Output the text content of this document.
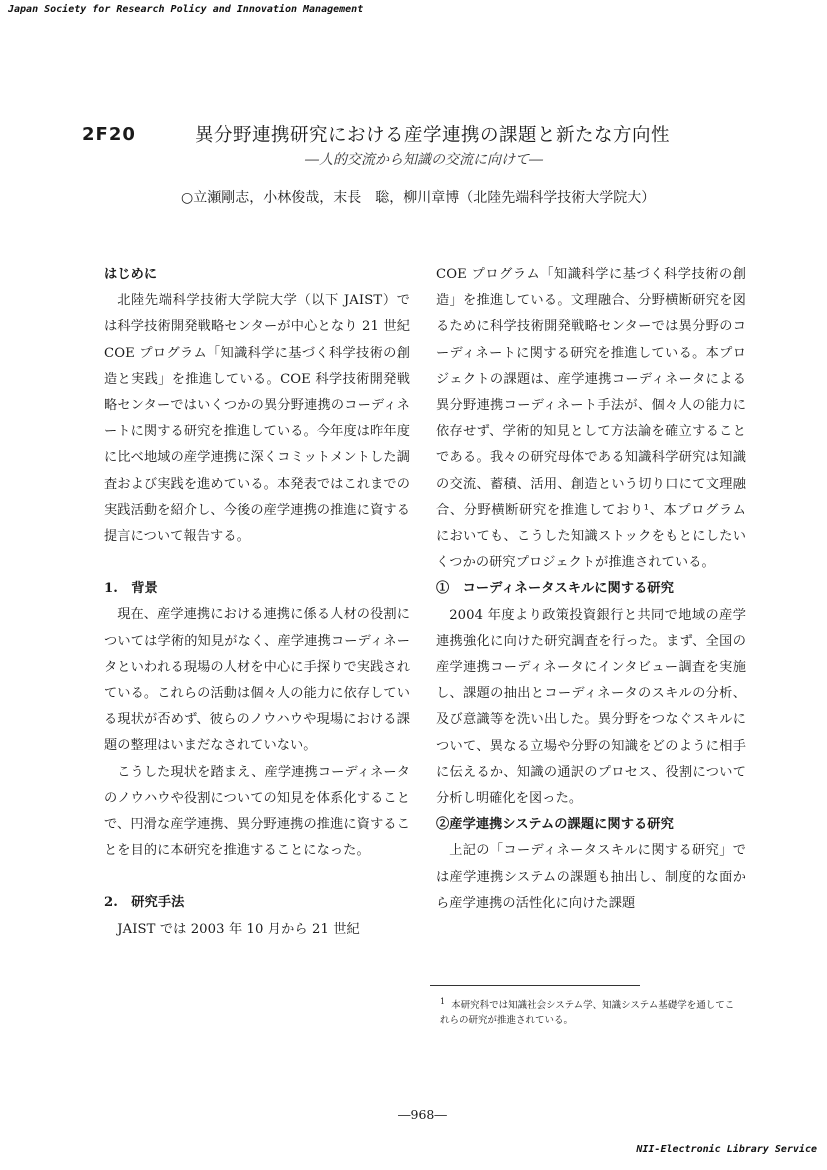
Japan Society for Research Policy and Innovation Management
2F20	異分野連携研究における産学連携の課題と新たな方向性
―人的交流から知識の交流に向けて―
○立瀬剛志，小林俊哉，末長　聡，柳川章博（北陸先端科学技術大学院大）
はじめに

北陸先端科学技術大学院大学（以下 JAIST）では科学技術開発戦略センターが中心となり 21 世紀 COE プログラム「知識科学に基づく科学技術の創造と実践」を推進している。COE 科学技術開発戦略センターではいくつかの異分野連携のコーディネートに関する研究を推進している。今年度は昨年度に比べ地域の産学連携に深くコミットメントした調査および実践を進めている。本発表ではこれまでの実践活動を紹介し、今後の産学連携の推進に資する提言について報告する。

1.　背景

現在、産学連携における連携に係る人材の役割については学術的知見がなく、産学連携コーディネータといわれる現場の人材を中心に手探りで実践されている。これらの活動は個々人の能力に依存している現状が否めず、彼らのノウハウや現場における課題の整理はいまだなされていない。

こうした現状を踏まえ、産学連携コーディネータのノウハウや役割についての知見を体系化することで、円滑な産学連携、異分野連携の推進に資することを目的に本研究を推進することになった。

2.　研究手法

JAIST では 2003 年 10 月から 21 世紀

COE プログラム「知識科学に基づく科学技術の創造」を推進している。文理融合、分野横断研究を図るために科学技術開発戦略センターでは異分野のコーディネートに関する研究を推進している。本プロジェクトの課題は、産学連携コーディネータによる異分野連携コーディネート手法が、個々人の能力に依存せず、学術的知見として方法論を確立することである。我々の研究母体である知識科学研究は知識の交流、蓄積、活用、創造という切り口にて文理融合、分野横断研究を推進しており¹、本プログラムにおいても、こうした知識ストックをもとにしたいくつかの研究プロジェクトが推進されている。

①　コーディネータスキルに関する研究

2004 年度より政策投資銀行と共同で地域の産学連携強化に向けた研究調査を行った。まず、全国の産学連携コーディネータにインタビュー調査を実施し、課題の抽出とコーディネータのスキルの分析、及び意識等を洗い出した。異分野をつなぐスキルについて、異なる立場や分野の知識をどのように相手に伝えるか、知識の通訳のプロセス、役割について分析し明確化を図った。

②産学連携システムの課題に関する研究

上記の「コーディネータスキルに関する研究」では産学連携システムの課題も抽出し、制度的な面から産学連携の活性化に向けた課題

$^1$ 本研究科では知識社会システム学、知識システム基礎学を通してこれらの研究が推進されている。
―968―
NII-Electronic Library Service
